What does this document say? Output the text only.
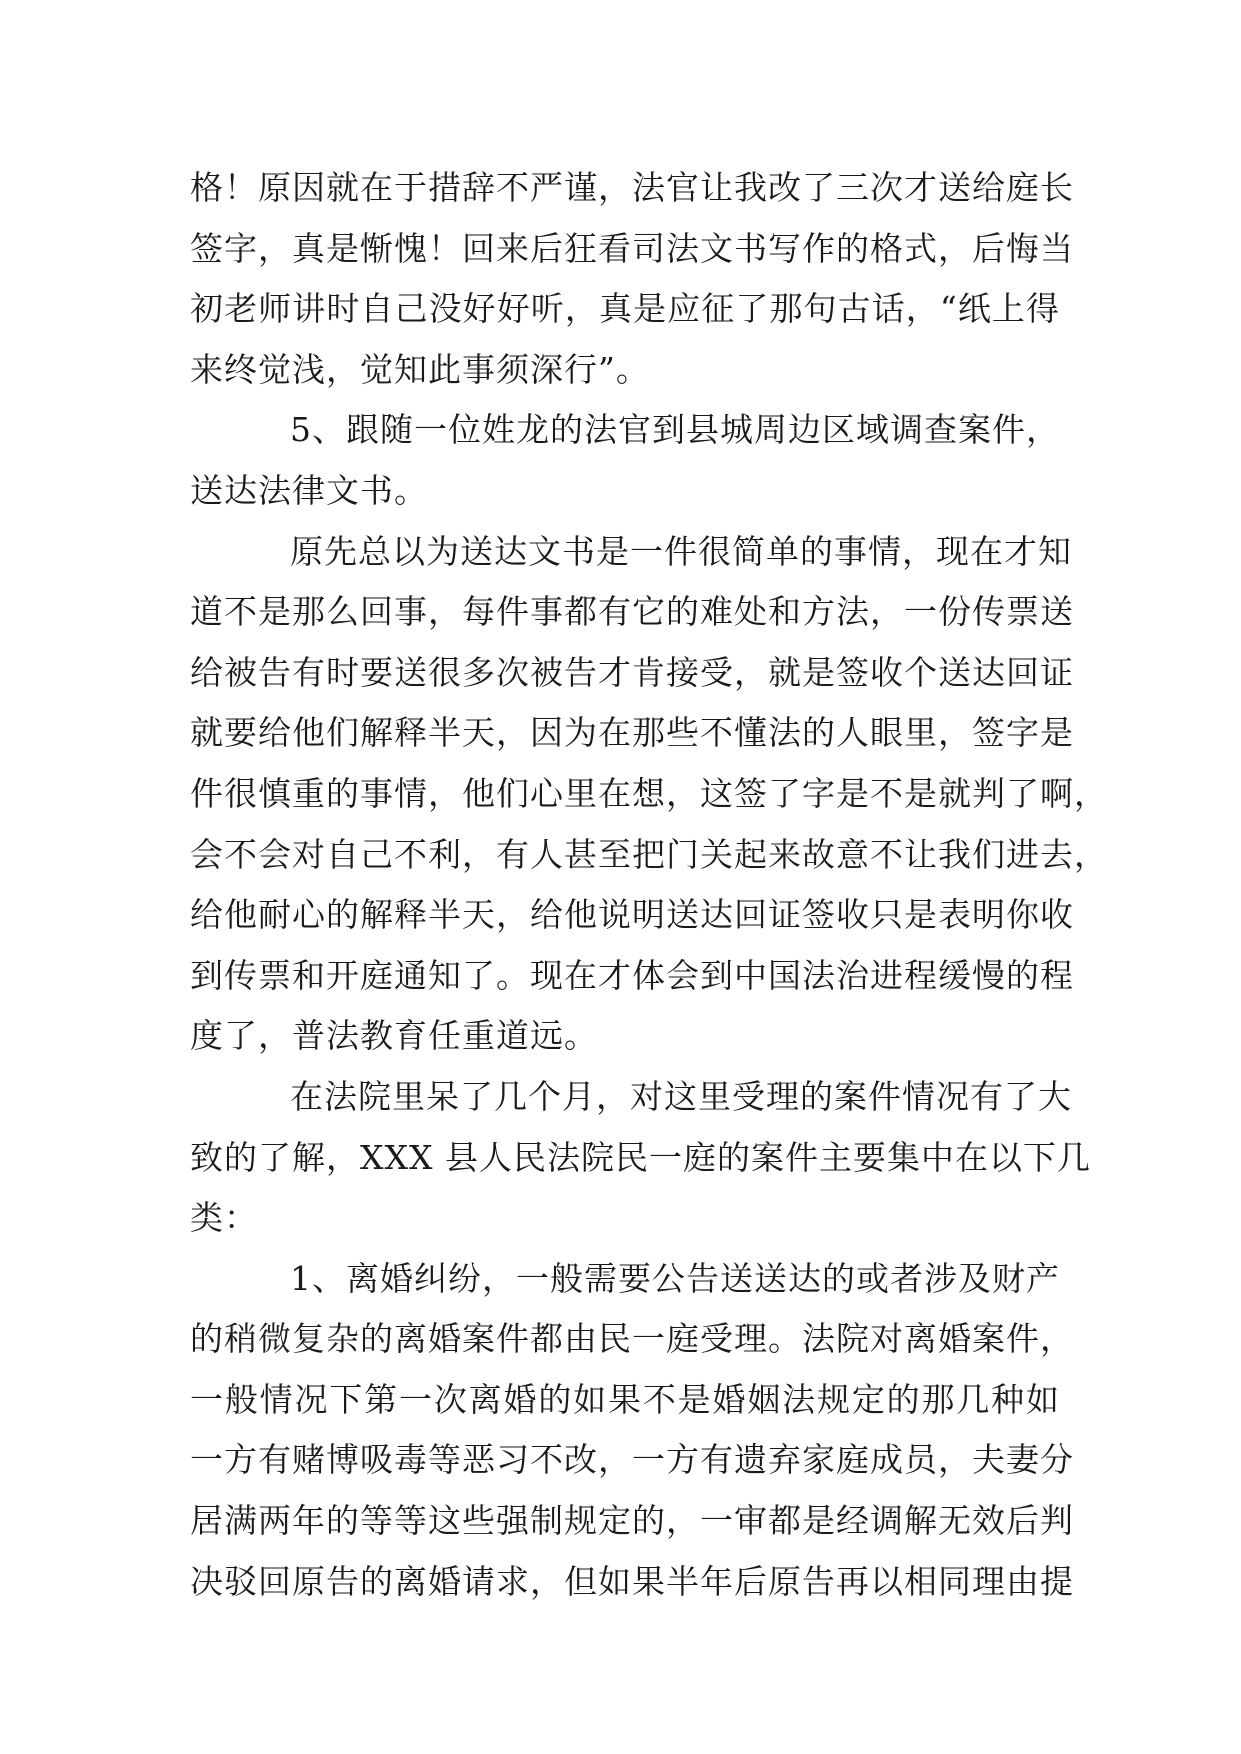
格！原因就在于措辞不严谨，法官让我改了三次才送给庭长
签字，真是惭愧！回来后狂看司法文书写作的格式，后悔当
初老师讲时自己没好好听，真是应征了那句古话，“纸上得
来终觉浅，觉知此事须深行”。
5、跟随一位姓龙的法官到县城周边区域调查案件，
送达法律文书。
原先总以为送达文书是一件很简单的事情，现在才知
道不是那么回事，每件事都有它的难处和方法，一份传票送
给被告有时要送很多次被告才肯接受，就是签收个送达回证
就要给他们解释半天，因为在那些不懂法的人眼里，签字是
件很慎重的事情，他们心里在想，这签了字是不是就判了啊，
会不会对自己不利，有人甚至把门关起来故意不让我们进去，
给他耐心的解释半天，给他说明送达回证签收只是表明你收
到传票和开庭通知了。现在才体会到中国法治进程缓慢的程
度了，普法教育任重道远。
在法院里呆了几个月，对这里受理的案件情况有了大
致的了解，XXX 县人民法院民一庭的案件主要集中在以下几
类：
1、离婚纠纷，一般需要公告送送达的或者涉及财产
的稍微复杂的离婚案件都由民一庭受理。法院对离婚案件，
一般情况下第一次离婚的如果不是婚姻法规定的那几种如
一方有赌博吸毒等恶习不改，一方有遗弃家庭成员，夫妻分
居满两年的等等这些强制规定的，一审都是经调解无效后判
决驳回原告的离婚请求，但如果半年后原告再以相同理由提
